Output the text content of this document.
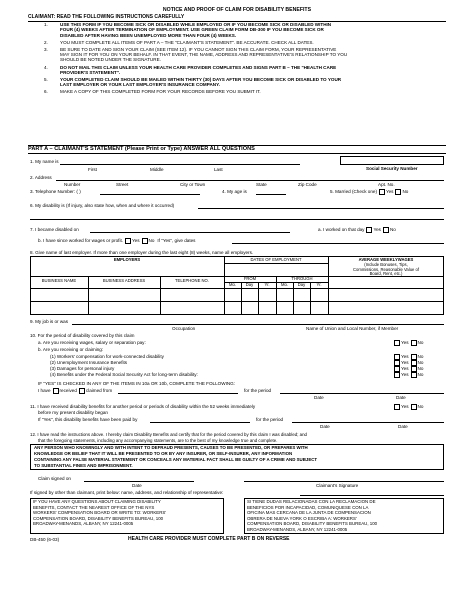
NOTICE AND PROOF OF CLAIM FOR DISABILITY BENEFITS
CLAIMANT: READ THE FOLLOWING INSTRUCTIONS CAREFULLY
1.	USE THIS FORM IF YOU BECOME SICK OR DISABLED WHILE EMPLOYED OR IF YOU BECOME SICK OR DISABLED WITHIN
FOUR (4) WEEKS AFTER TERMINATION OF EMPLOYMENT. USE GREEN CLAIM FORM DB-300 IF YOU BECOME SICK OR
DISABLED AFTER HAVING BEEN UNEMPLOYED MORE THAN FOUR (4) WEEKS.
2.	YOU MUST COMPLETE ALL ITEMS OF PART A – THE "CLAIMANT'S STATEMENT". BE ACCURATE. CHECK ALL DATES.
3.	BE SURE TO DATE AND SIGN YOUR CLAIM (SEE ITEM 12). IF YOU CANNOT SIGN THIS CLAIM FORM, YOUR REPRESENTATIVE
MAY SIGN IT FOR YOU ON YOUR BEHALF. IN THAT EVENT, THE NAME, ADDRESS AND REPRESENTATIVE'S RELATIONSHIP TO YOU
SHOULD BE NOTED UNDER THE SIGNATURE.
4.	DO NOT MAIL THIS CLAIM UNLESS YOUR HEALTH CARE PROVIDER COMPLETES AND SIGNS PART B – THE "HEALTH CARE
PROVIDER'S STATEMENT".
5.	YOUR COMPLETED CLAIM SHOULD BE MAILED WITHIN THIRTY (30) DAYS AFTER YOU BECOME SICK OR DISABLED TO YOUR
LAST EMPLOYER OR YOUR LAST EMPLOYER'S INSURANCE COMPANY.
6.	MAKE A COPY OF THIS COMPLETED FORM FOR YOUR RECORDS BEFORE YOU SUBMIT IT.
PART A – CLAIMANT'S STATEMENT (Please Print or Type) ANSWER ALL QUESTIONS
1. My name is
Social Security Number
First	Middle	Last
2. Address
Number	Street	City or Town	State	Zip Code	Apt. No.
3. Telephone Number: ( )	4. My age is	5. Married (Check one) Yes No
6. My disability is (If injury, also state how, when and where it occurred)
7. I became disabled on	a. I worked on that day Yes No
b. I have since worked for wages or profit. Yes No If "Yes", give dates
8. Give name of last employer. If more than one employer during the last eight (8) weeks, name all employers.
EMPLOYERS	DATES OF EMPLOYMENT	AVERAGE WEEKLYWAGES
(Include Bonuses, Tips,
Commissions, Reasonable Value of
Board, Rent, etc.)
BUSINESS NAME	BUSINESS ADDRESS	TELEPHONE NO.	FROM	THROUGH
Mo.	Day	Yr.	Mo.	Day	Yr.
9. My job is or was
Occupation	Name of Union and Local Number, if Member
10. For the period of disability covered by this claim
a. Are you receiving wages, salary or separation pay:	Yes No
b. Are you receiving or claiming:
(1) Workers' compensation for work-connected disability	Yes No
(2) Unemployment Insurance Benefits	Yes No
(3) Damages for personal injury	Yes No
(4) Benefits under the Federal Social Security Act for long-term disability:	Yes No
IF "YES" IS CHECKED IN ANY OF THE ITEMS IN 10a OR 10b, COMPLETE THE FOLLOWING:
I have received claimed from	for the period
Date	Date
11. I have received disability benefits for another period or periods of disability within the 52 weeks immediately
before my present disability began
Yes No
If "Yes", this disability benefits have been paid by	for the period
Date	Date
12. I have read the instructions above. I hereby claim Disability Benefits and certify that for the period covered by this claim I was disabled; and
that the foregoing statements, including any accompanying statements, are to the best of my knowledge true and complete.
ANY PERSON WHO KNOWINGLY AND WITH INTENT TO DEFRAUD PRESENTS, CAUSES TO BE PRESENTED, OR PREPARES WITH
KNOWLEDGE OR BELIEF THAT IT WILL BE PRESENTED TO OR BY ANY INSURER, OR SELF-INSURER, ANY INFORMATION
CONTAINING ANY FALSE MATERIAL STATEMENT OR CONCEALS ANY MATERIAL FACT SHALL BE GUILTY OF A CRIME AND SUBJECT
TO SUBSTANTIAL FINES AND IMPRISONMENT.
Claim signed on
Date	Claimant's Signature
If signed by other than claimant, print below: name, address, and relationship of representative:
IF YOU HAVE ANY QUESTIONS ABOUT CLAIMING DISABILITY
BENEFITS, CONTACT THE NEAREST OFFICE OF THE NYS
WORKERS' COMPENSATION BOARD OR WRITE TO: WORKERS'
COMPENSATION BOARD, DISABILITY BENEFITS BUREAU, 100
BROADWAY-MENANDS, ALBANY, NY 12241-0005
SI TIENE DUDAS RELACIONADAS CON LA RECLAMACION DE
BENEFICIOS POR INCAPACIDAD, COMUNIQUESE CON LA
OFICINA MAS CERCANA DE LA JUNTA DE COMPENSACION
OBRERA DE NUEVA YORK O ESCRIBA A: WORKERS'
COMPENSATION BOARD, DISABILITY BENEFITS BUREAU, 100
BROADWAY-MENANDS, ALBANY, NY 12241-0005
DB-450 (6-03)	HEALTH CARE PROVIDER MUST COMPLETE PART B ON REVERSE
